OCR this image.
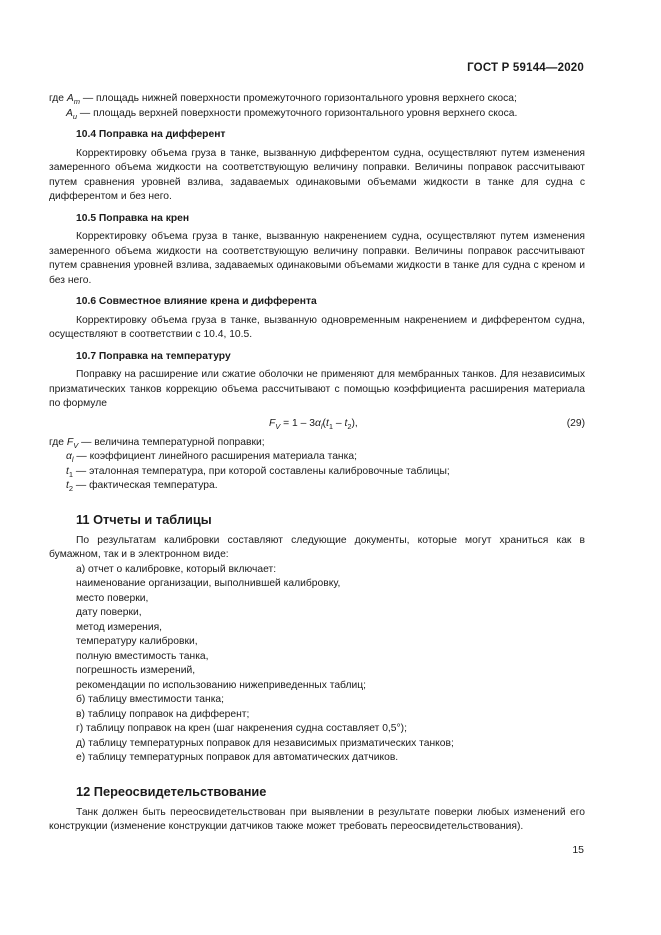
ГОСТ Р 59144—2020

где $A_m$ — площадь нижней поверхности промежуточного горизонтального уровня верхнего скоса;

$A_u$ — площадь верхней поверхности промежуточного горизонтального уровня верхнего скоса.

10.4 Поправка на дифферент

Корректировку объема груза в танке, вызванную дифферентом судна, осуществляют путем изменения замеренного объема жидкости на соответствующую величину поправки. Величины поправок рассчитывают путем сравнения уровней взлива, задаваемых одинаковыми объемами жидкости в танке для судна с дифферентом и без него.

10.5 Поправка на крен

Корректировку объема груза в танке, вызванную накренением судна, осуществляют путем изменения замеренного объема жидкости на соответствующую величину поправки. Величины поправок рассчитывают путем сравнения уровней взлива, задаваемых одинаковыми объемами жидкости в танке для судна с креном и без него.

10.6 Совместное влияние крена и дифферента

Корректировку объема груза в танке, вызванную одновременным накренением и дифферентом судна, осуществляют в соответствии с 10.4, 10.5.

10.7 Поправка на температуру

Поправку на расширение или сжатие оболочки не применяют для мембранных танков. Для независимых призматических танков коррекцию объема рассчитывают с помощью коэффициента расширения материала по формуле

$F_V = 1 - 3\alpha_l(t_1 - t_2)$,	(29)

где $F_V$ — величина температурной поправки;

$\alpha_l$ — коэффициент линейного расширения материала танка;

$t_1$ — эталонная температура, при которой составлены калибровочные таблицы;

$t_2$ — фактическая температура.

11 Отчеты и таблицы

По результатам калибровки составляют следующие документы, которые могут храниться как в бумажном, так и в электронном виде:

а) отчет о калибровке, который включает:

наименование организации, выполнившей калибровку,

место поверки,

дату поверки,

метод измерения,

температуру калибровки,

полную вместимость танка,

погрешность измерений,

рекомендации по использованию нижеприведенных таблиц;

б) таблицу вместимости танка;

в) таблицу поправок на дифферент;

г) таблицу поправок на крен (шаг накренения судна составляет 0,5°);

д) таблицу температурных поправок для независимых призматических танков;

е) таблицу температурных поправок для автоматических датчиков.

12 Переосвидетельствование

Танк должен быть переосвидетельствован при выявлении в результате поверки любых изменений его конструкции (изменение конструкции датчиков также может требовать переосвидетельствования).

15
